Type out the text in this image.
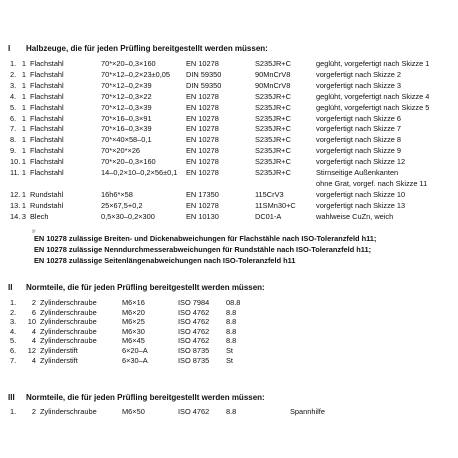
I Halbzeuge, die für jeden Prüfling bereitgestellt werden müssen:
1. 1 Flachstahl	70*×20–0,3×160	EN 10278	S235JR+C	geglüht, vorgefertigt nach Skizze 1
2. 1 Flachstahl	70*×12–0,2×23±0,05 DIN 59350	90MnCrV8	vorgefertigt nach Skizze 2
3. 1 Flachstahl	70*×12–0,2×39	DIN 59350	90MnCrV8	vorgefertigt nach Skizze 3
4. 1 Flachstahl	70*×12–0,3×22	EN 10278	S235JR+C	geglüht, vorgefertigt nach Skizze 4
5. 1 Flachstahl	70*×12–0,3×39	EN 10278	S235JR+C	geglüht, vorgefertigt nach Skizze 5
6. 1 Flachstahl	70*×16–0,3×91	EN 10278	S235JR+C	vorgefertigt nach Skizze 6
7. 1 Flachstahl	70*×16–0,3×39	EN 10278	S235JR+C	vorgefertigt nach Skizze 7
8. 1 Flachstahl	70*×40×58–0,1	EN 10278	S235JR+C	vorgefertigt nach Skizze 8
9. 1 Flachstahl	70*×20*×26	EN 10278	S235JR+C	vorgefertigt nach Skizze 9
10. 1 Flachstahl	70*×20–0,3×160	EN 10278	S235JR+C	vorgefertigt nach Skizze 12
11. 1 Flachstahl	14–0,2×10–0,2×56±0,1 EN 10278	S235JR+C	Stirnseitige Außenkanten
ohne Grat, vorgef. nach Skizze 11
12. 1 Rundstahl	16h6*×58	EN 17350	115CrV3	vorgefertigt nach Skizze 10
13. 1 Rundstahl	25×67,5+0,2	EN 10278	11SMn30+C	vorgefertigt nach Skizze 13
14. 3 Blech	0,5×30–0,2×300	EN 10130	DC01-A	wahlweise CuZn, weich
¹⁾
EN 10278 zulässige Breiten- und Dickenabweichungen für Flachstähle nach ISO-Toleranzfeld h11;
EN 10278 zulässige Nenndurchmesserabweichungen für Rundstähle nach ISO-Toleranzfeld h11;
EN 10278 zulässige Seitenlängenabweichungen nach ISO-Toleranzfeld h11
II Normteile, die für jeden Prüfling bereitgestellt werden müssen:
1.	2 Zylinderschraube	M6×16	ISO 7984 08.8
2.	6 Zylinderschraube	M6×20	ISO 4762 8.8
3.	10 Zylinderschraube	M6×25	ISO 4762 8.8
4.	4 Zylinderschraube	M6×30	ISO 4762 8.8
5.	4 Zylinderschraube	M6×45	ISO 4762 8.8
6.	12 Zylinderstift	6×20–A	ISO 8735 St
7.	4 Zylinderstift	6×30–A	ISO 8735 St
III Normteile, die für jeden Prüfling bereitgestellt werden müssen:
1.	2 Zylinderschraube	M6×50	ISO 4762 8.8	Spannhilfe
